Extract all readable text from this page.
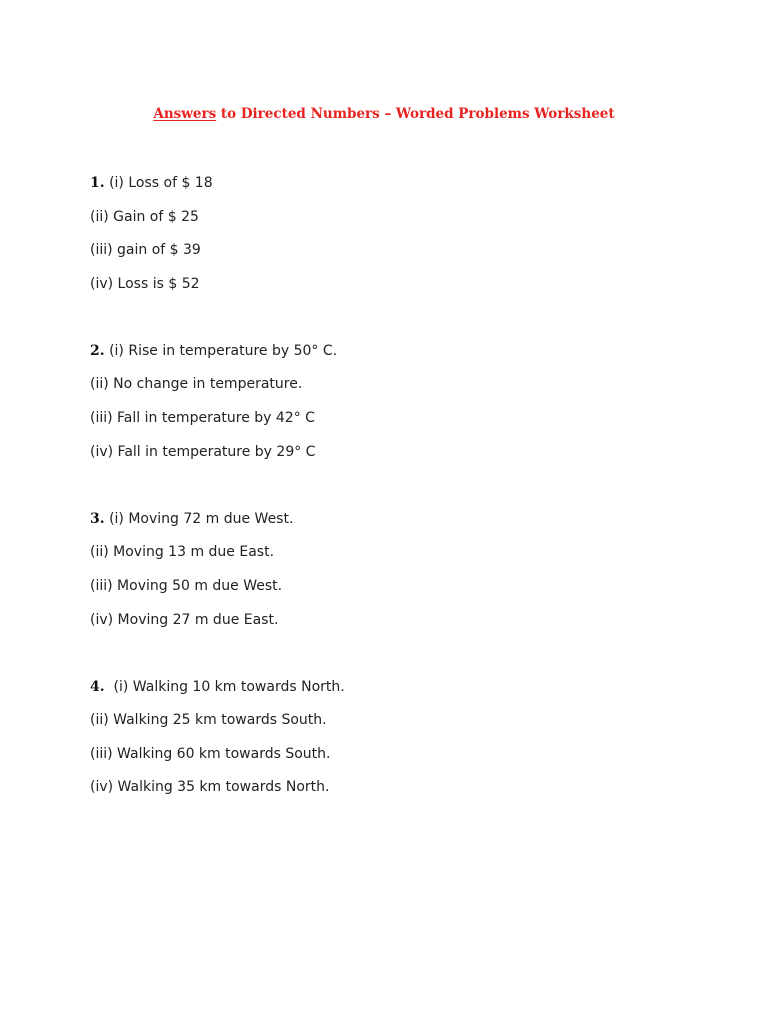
Answers to Directed Numbers – Worded Problems Worksheet
1. (i) Loss of $ 18
(ii) Gain of $ 25
(iii) gain of $ 39
(iv) Loss is $ 52
2. (i) Rise in temperature by 50° C.
(ii) No change in temperature.
(iii) Fall in temperature by 42° C
(iv) Fall in temperature by 29° C
3. (i) Moving 72 m due West.
(ii) Moving 13 m due East.
(iii) Moving 50 m due West.
(iv) Moving 27 m due East.
4. (i) Walking 10 km towards North.
(ii) Walking 25 km towards South.
(iii) Walking 60 km towards South.
(iv) Walking 35 km towards North.
